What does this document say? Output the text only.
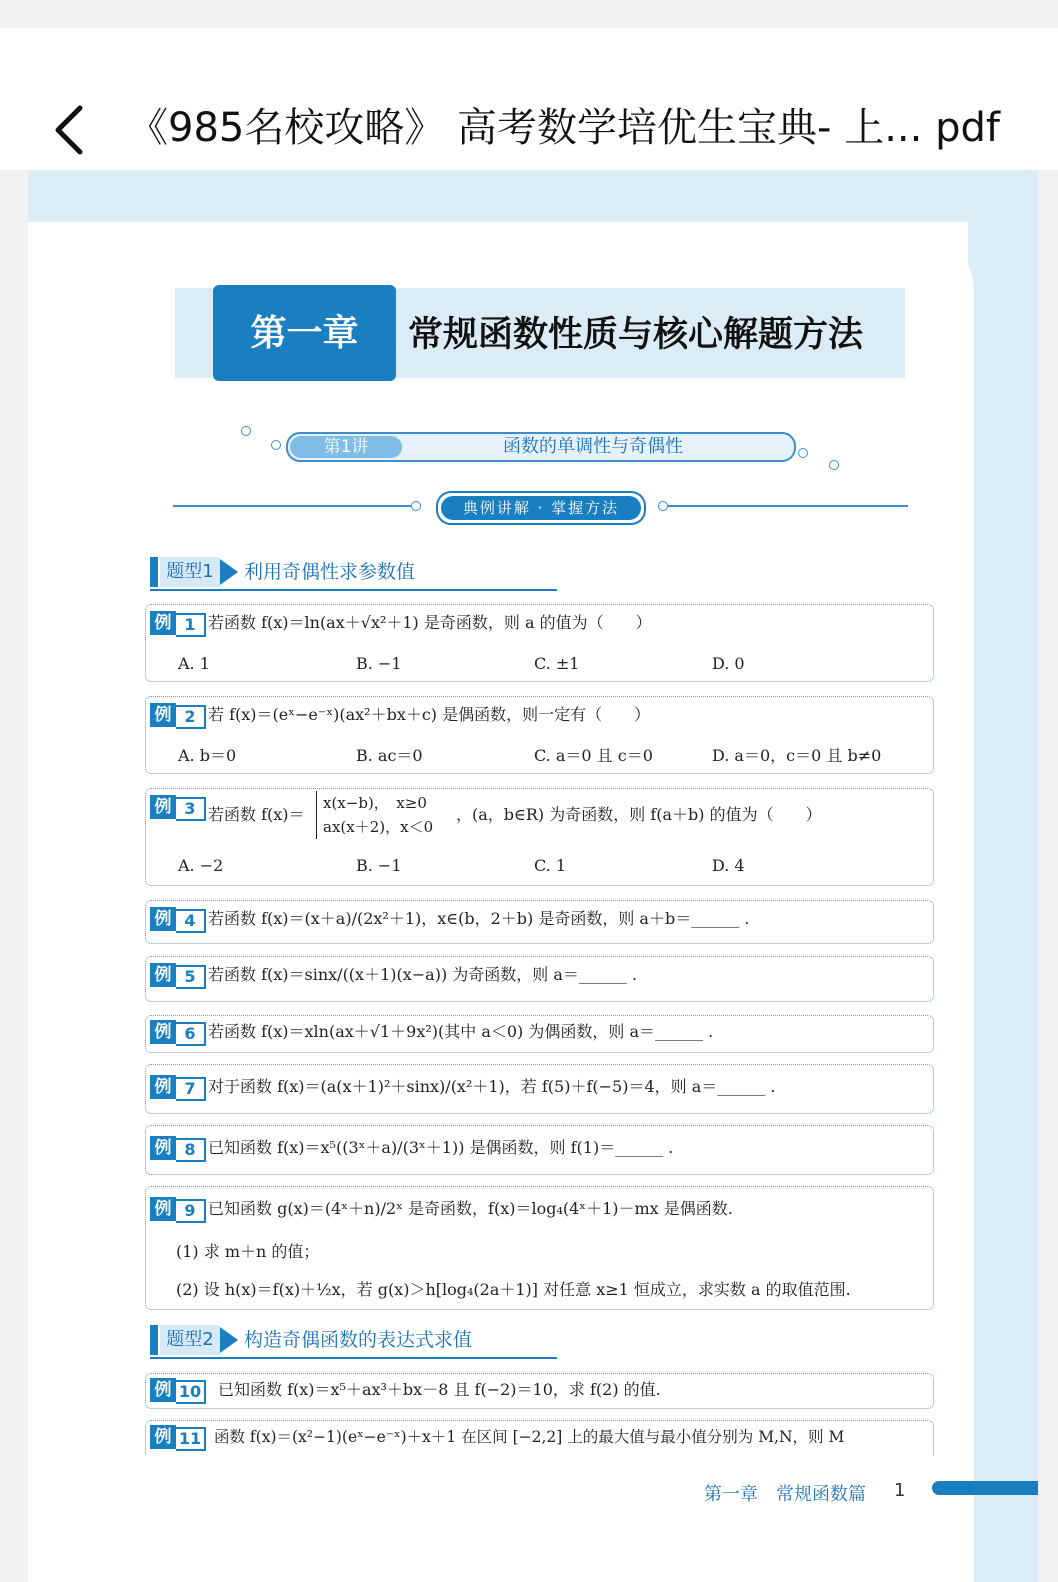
《985名校攻略》 高考数学培优生宝典- 上... pdf
第一章	常规函数性质与核心解题方法
第1讲	函数的单调性与奇偶性
典例讲解 · 掌握方法
题型1	利用奇偶性求参数值
例 1 若函数 f(x)＝ln(ax＋√x²＋1) 是奇函数，则 a 的值为（　　）
A. 1	B. −1	C. ±1	D. 0
例 2 若 f(x)＝(eˣ−e⁻ˣ)(ax²＋bx＋c) 是偶函数，则一定有（　　）
A. b＝0	B. ac＝0	C. a＝0 且 c＝0	D. a＝0，c＝0 且 b≠0
例 3 若函数 f(x)＝
x(x−b)，　x≥0
ax(x＋2)，x＜0
，(a，b∈R) 为奇函数，则 f(a＋b) 的值为（　　）
A. −2	B. −1	C. 1	D. 4
例 4 若函数 f(x)＝(x＋a)/(2x²＋1)，x∈(b，2＋b) 是奇函数，则 a＋b＝______ .
例 5 若函数 f(x)＝sinx/((x＋1)(x−a)) 为奇函数，则 a＝______ .
例 6 若函数 f(x)＝xln(ax＋√1＋9x²)(其中 a＜0) 为偶函数，则 a＝______ .
例 7 对于函数 f(x)＝(a(x＋1)²＋sinx)/(x²＋1)，若 f(5)＋f(−5)＝4，则 a＝______ .
例 8 已知函数 f(x)＝x⁵((3ˣ＋a)/(3ˣ＋1)) 是偶函数，则 f(1)＝______ .
例 9 已知函数 g(x)＝(4ˣ＋n)/2ˣ 是奇函数，f(x)＝log₄(4ˣ＋1)－mx 是偶函数.
(1) 求 m＋n 的值；
(2) 设 h(x)＝f(x)＋½x，若 g(x)＞h[log₄(2a＋1)] 对任意 x≥1 恒成立，求实数 a 的取值范围.
题型2	构造奇偶函数的表达式求值
例 10	已知函数 f(x)＝x⁵＋ax³＋bx－8 且 f(−2)＝10，求 f(2) 的值.
例 11 函数 f(x)＝(x²−1)(eˣ−e⁻ˣ)＋x＋1 在区间 [−2,2] 上的最大值与最小值分别为 M,N，则 M
第一章 常规函数篇 1
